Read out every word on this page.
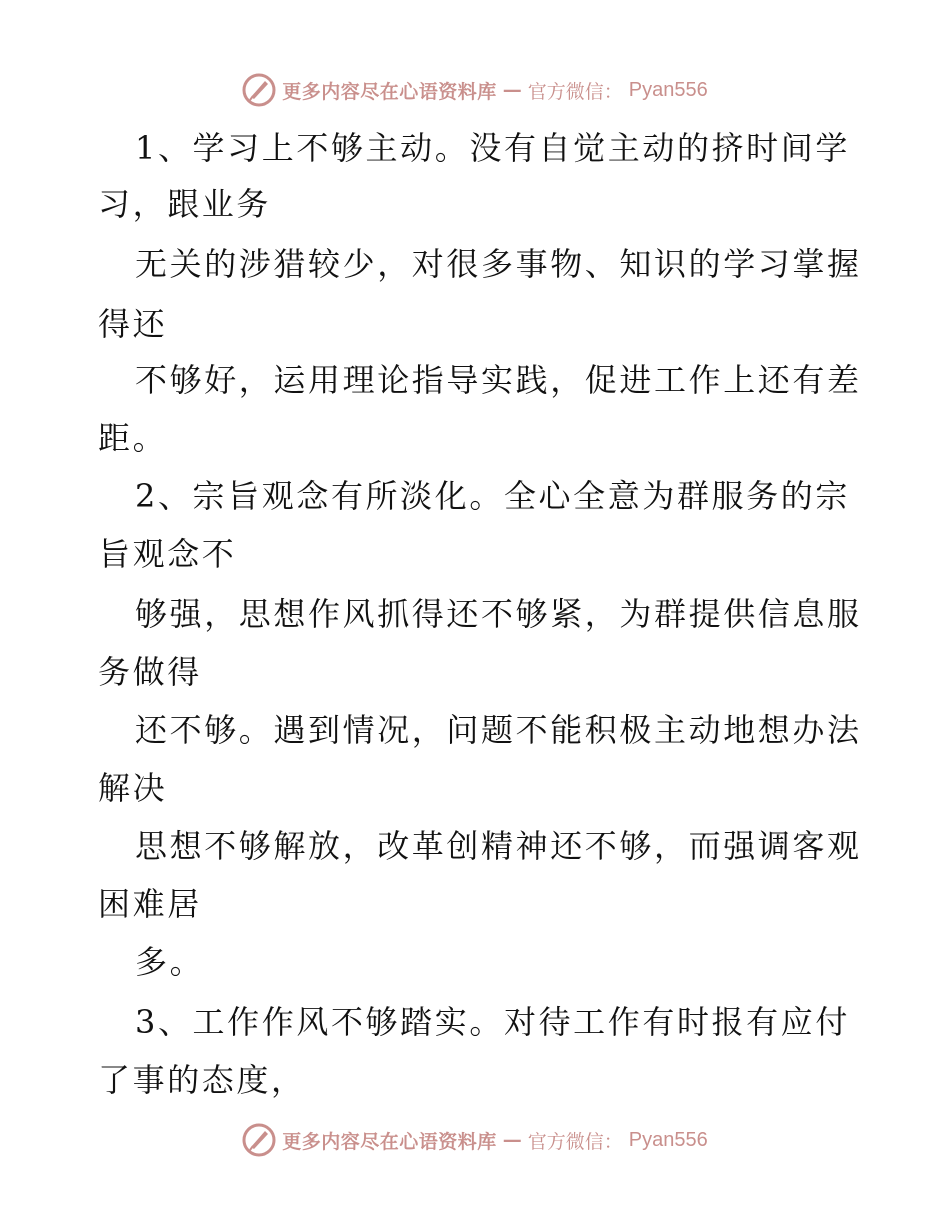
更多内容尽在心语资料库 — 官方微信： Pyan556
1、学习上不够主动。没有自觉主动的挤时间学
习，跟业务
无关的涉猎较少，对很多事物、知识的学习掌握
得还
不够好，运用理论指导实践，促进工作上还有差
距。
2、宗旨观念有所淡化。全心全意为群服务的宗
旨观念不
够强，思想作风抓得还不够紧，为群提供信息服
务做得
还不够。遇到情况，问题不能积极主动地想办法
解决
思想不够解放，改革创精神还不够，而强调客观
困难居
多。
3、工作作风不够踏实。对待工作有时报有应付
了事的态度，
更多内容尽在心语资料库 — 官方微信： Pyan556
